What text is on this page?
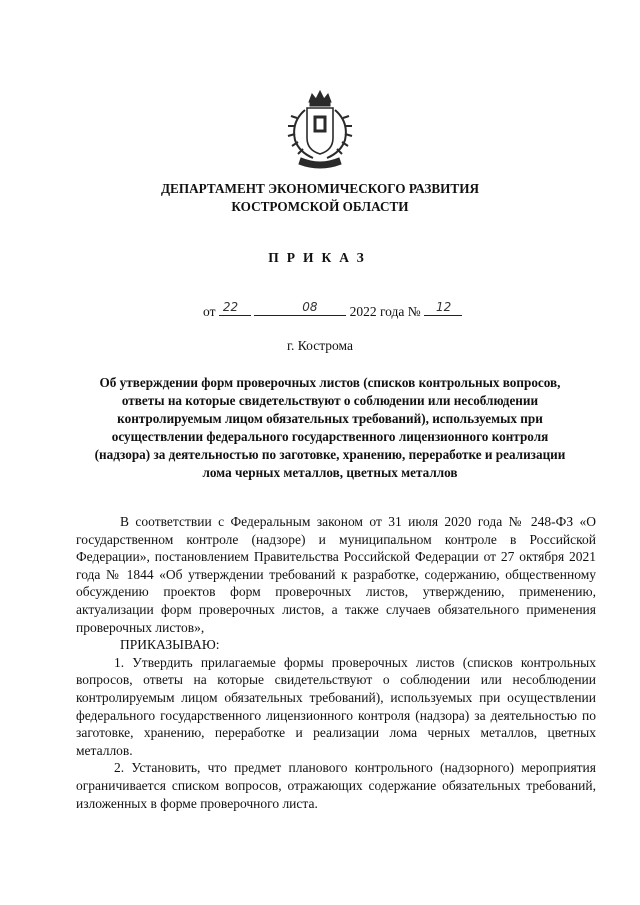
ДЕПАРТАМЕНТ ЭКОНОМИЧЕСКОГО РАЗВИТИЯ
КОСТРОМСКОЙ ОБЛАСТИ
ПРИКАЗ
от 22
	08 2022 года № 12
г. Кострома
Об утверждении форм проверочных листов (списков контрольных вопросов, ответы на которые свидетельствуют о соблюдении или несоблюдении контролируемым лицом обязательных требований), используемых при осуществлении федерального государственного лицензионного контроля (надзора) за деятельностью по заготовке, хранению, переработке и реализации лома черных металлов, цветных металлов

В соответствии с Федеральным законом от 31 июля 2020 года № 248-ФЗ «О государственном контроле (надзоре) и муниципальном контроле в Российской Федерации», постановлением Правительства Российской Федерации от 27 октября 2021 года № 1844 «Об утверждении требований к разработке, содержанию, общественному обсуждению проектов форм проверочных листов, утверждению, применению, актуализации форм проверочных листов, а также случаев обязательного применения проверочных листов»,

ПРИКАЗЫВАЮ:

1. Утвердить прилагаемые формы проверочных листов (списков контрольных вопросов, ответы на которые свидетельствуют о соблюдении или несоблюдении контролируемым лицом обязательных требований), используемых при осуществлении федерального государственного лицензионного контроля (надзора) за деятельностью по заготовке, хранению, переработке и реализации лома черных металлов, цветных металлов.

2. Установить, что предмет планового контрольного (надзорного) мероприятия ограничивается списком вопросов, отражающих содержание обязательных требований, изложенных в форме проверочного листа.
